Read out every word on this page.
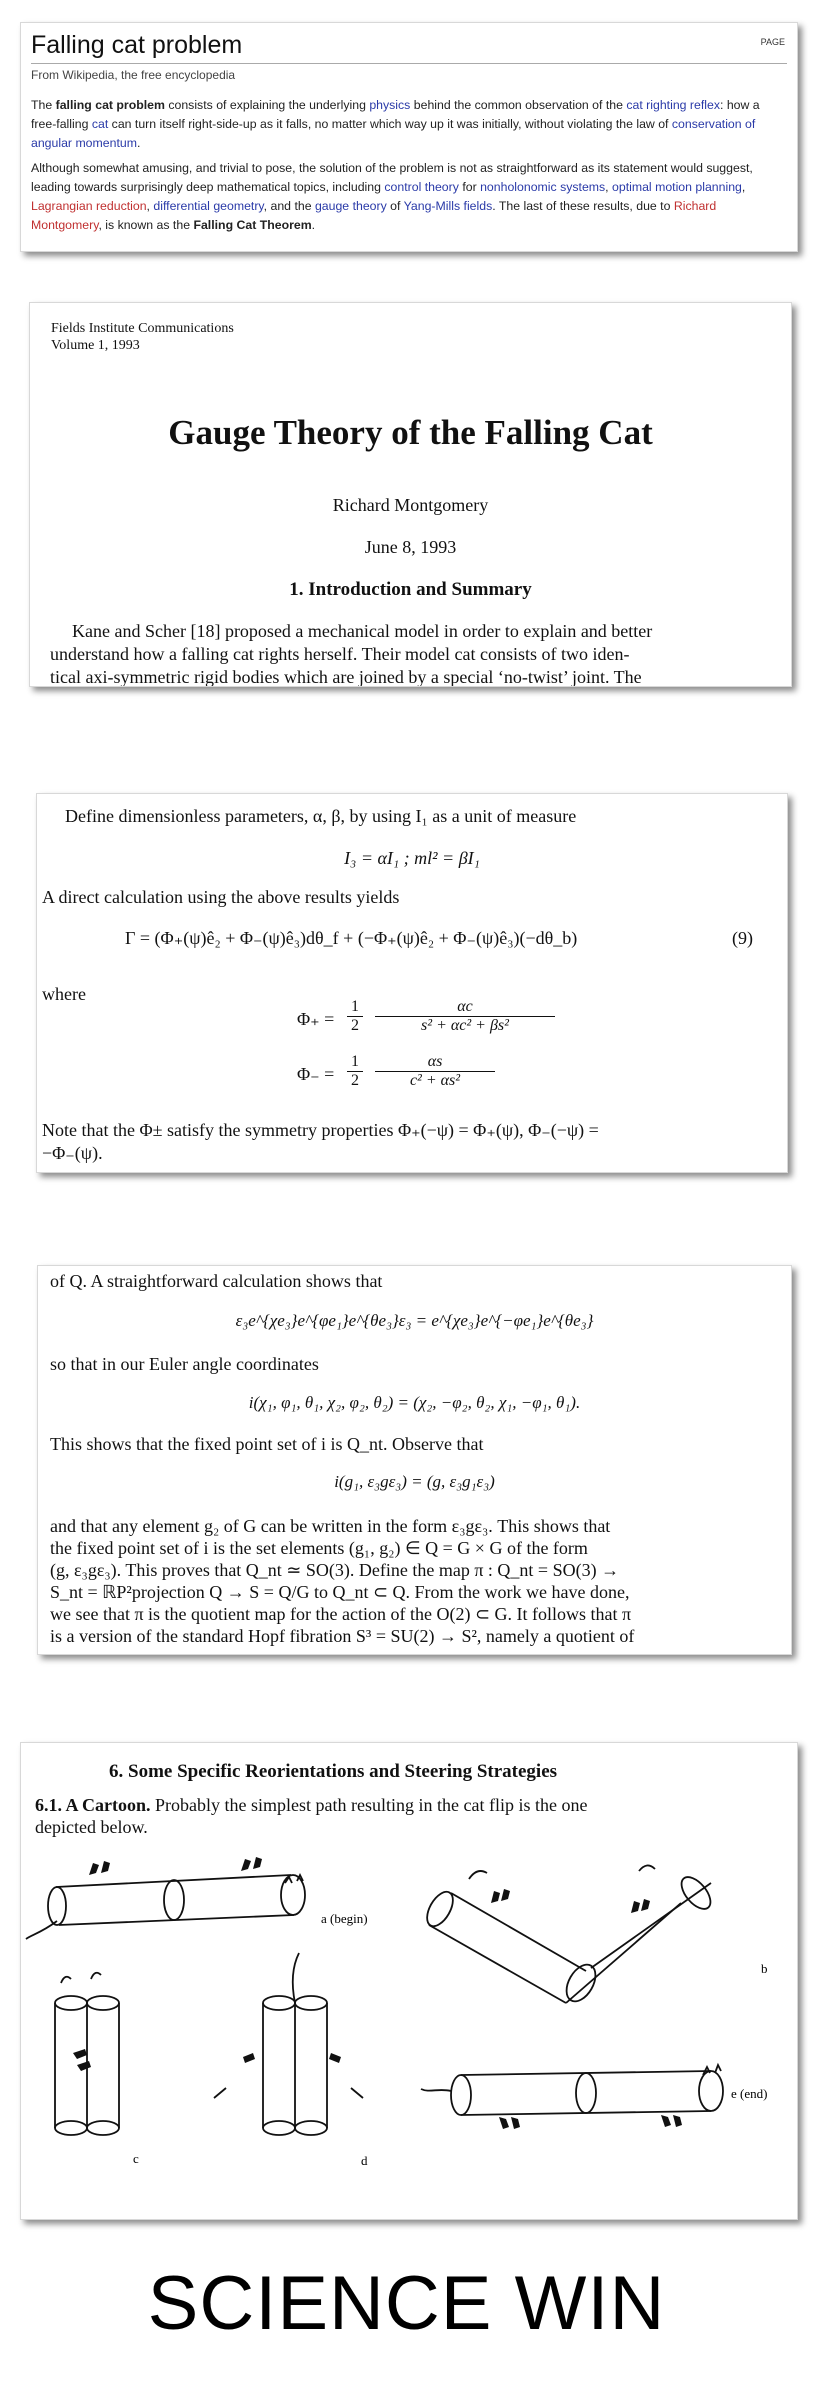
PAGE
Falling cat problem
From Wikipedia, the free encyclopedia

The falling cat problem consists of explaining the underlying physics behind the common observation of the cat righting reflex: how a free-falling cat can turn itself right-side-up as it falls, no matter which way up it was initially, without violating the law of conservation of angular momentum.

Although somewhat amusing, and trivial to pose, the solution of the problem is not as straightforward as its statement would suggest, leading towards surprisingly deep mathematical topics, including control theory for nonholonomic systems, optimal motion planning, Lagrangian reduction, differential geometry, and the gauge theory of Yang-Mills fields. The last of these results, due to Richard Montgomery, is known as the Falling Cat Theorem.

Fields Institute Communications
Volume 1, 1993
Gauge Theory of the Falling Cat
Richard Montgomery
June 8, 1993
1. Introduction and Summary
Kane and Scher [18] proposed a mechanical model in order to explain and better
understand how a falling cat rights herself. Their model cat consists of two iden-
tical axi-symmetric rigid bodies which are joined by a special ‘no-twist’ joint. The
Define dimensionless parameters, α, β, by using I₁ as a unit of measure
I₃ = αI₁ ; ml² = βI₁
A direct calculation using the above results yields
Γ = (Φ₊(ψ)ê₂ + Φ₋(ψ)ê₃)dθ_f + (−Φ₊(ψ)ê₂ + Φ₋(ψ)ê₃)(−dθ_b)	(9)
where
Φ₊ =
1
2
αc
s² + αc² + βs²
Φ₋ =
1
2
αs
c² + αs²
Note that the Φ± satisfy the symmetry properties Φ₊(−ψ) = Φ₊(ψ), Φ₋(−ψ) =
−Φ₋(ψ).
of Q. A straightforward calculation shows that
ε₃e^{χe₃}e^{φe₁}e^{θe₃}ε₃ = e^{χe₃}e^{−φe₁}e^{θe₃}
so that in our Euler angle coordinates
i(χ₁, φ₁, θ₁, χ₂, φ₂, θ₂) = (χ₂, −φ₂, θ₂, χ₁, −φ₁, θ₁).
This shows that the fixed point set of i is Q_nt. Observe that
i(g₁, ε₃gε₃) = (g, ε₃g₁ε₃)
and that any element g₂ of G can be written in the form ε₃gε₃. This shows that
the fixed point set of i is the set elements (g₁, g₂) ∈ Q = G × G of the form
(g, ε₃gε₃). This proves that Q_nt ≃ SO(3). Define the map π : Q_nt = SO(3) →
S_nt = ℝP²projection Q → S = Q/G to Q_nt ⊂ Q. From the work we have done,
we see that π is the quotient map for the action of the O(2) ⊂ G. It follows that π
is a version of the standard Hopf fibration S³ = SU(2) → S², namely a quotient of
6. Some Specific Reorientations and Steering Strategies
6.1. A Cartoon. Probably the simplest path resulting in the cat flip is the one
depicted below.
a (begin)
b
c	d
e (end)
SCIENCE WIN
